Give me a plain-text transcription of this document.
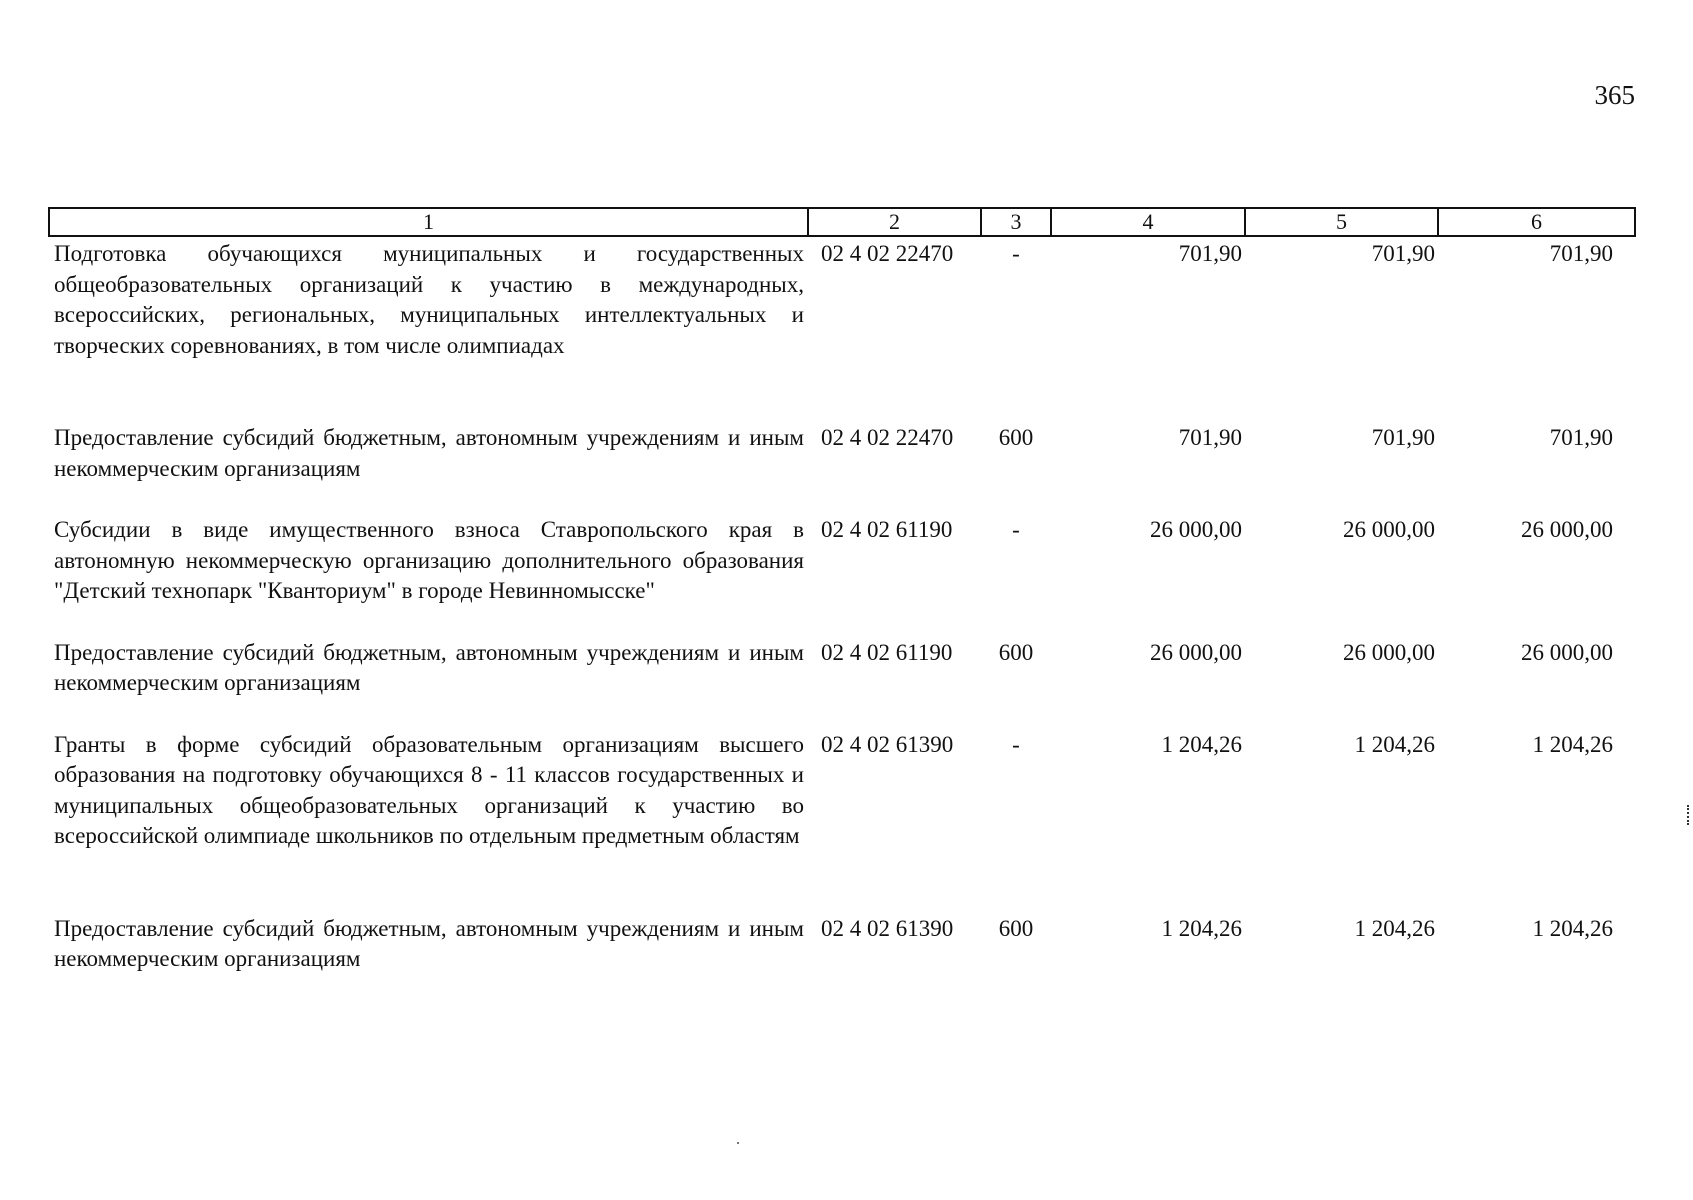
365
1	2	3	4	5	6
Подготовка обучающихся муниципальных и государственных общеобразовательных организаций к участию в международных, всероссийских, региональных, муниципальных интеллектуальных и творческих соревнованиях, в том числе олимпиадах	02 4 02 22470	-	701,90	701,90	701,90
Предоставление субсидий бюджетным, автономным учреждениям и иным некоммерческим организациям	02 4 02 22470	600	701,90	701,90	701,90
Субсидии в виде имущественного взноса Ставропольского края в автономную некоммерческую организацию дополнительного образования "Детский технопарк "Кванториум" в городе Невинномысске"	02 4 02 61190	-	26 000,00	26 000,00	26 000,00
Предоставление субсидий бюджетным, автономным учреждениям и иным некоммерческим организациям	02 4 02 61190	600	26 000,00	26 000,00	26 000,00
Гранты в форме субсидий образовательным организациям высшего образования на подготовку обучающихся 8 - 11 классов государственных и муниципальных общеобразовательных организаций к участию во всероссийской олимпиаде школьников по отдельным предметным областям	02 4 02 61390	-	1 204,26	1 204,26	1 204,26
Предоставление субсидий бюджетным, автономным учреждениям и иным некоммерческим организациям	02 4 02 61390	600	1 204,26	1 204,26	1 204,26
